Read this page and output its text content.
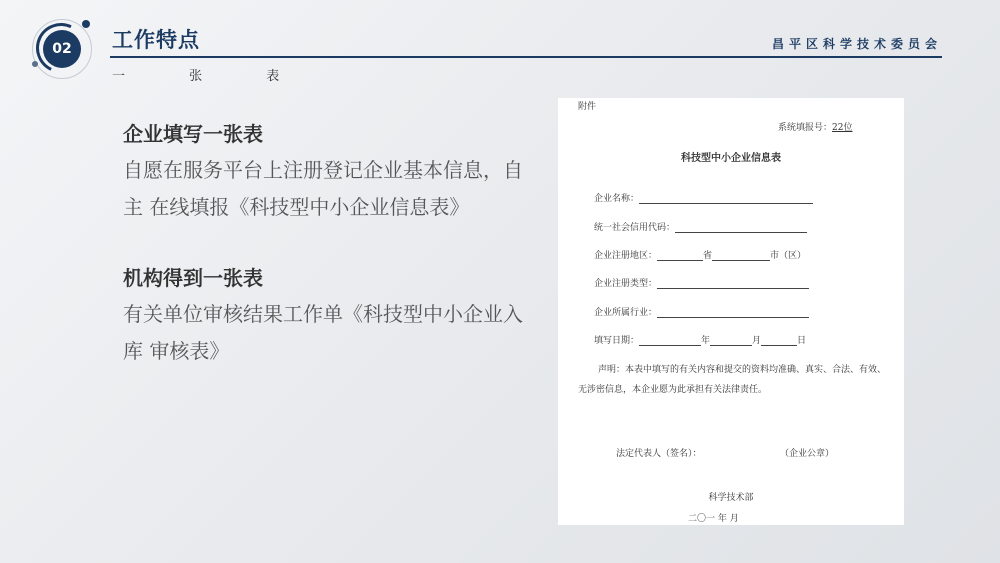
02	工作特点
一 张 表
昌平区科学技术委员会
企业填写一张表
自愿在服务平台上注册登记企业基本信息，自主 在线填报《科技型中小企业信息表》
机构得到一张表
有关单位审核结果工作单《科技型中小企业入库 审核表》
附件
系统填报号：22位
科技型中小企业信息表
企业名称：
统一社会信用代码：
企业注册地区：	省	市（区）
企业注册类型：
企业所属行业：
填写日期：	年	月	日
声明：本表中填写的有关内容和提交的资料均准确、真实、合法、有效、无涉密信息，本企业愿为此承担有关法律责任。
法定代表人（签名）：	（企业公章）
科学技术部
二〇一 年 月
